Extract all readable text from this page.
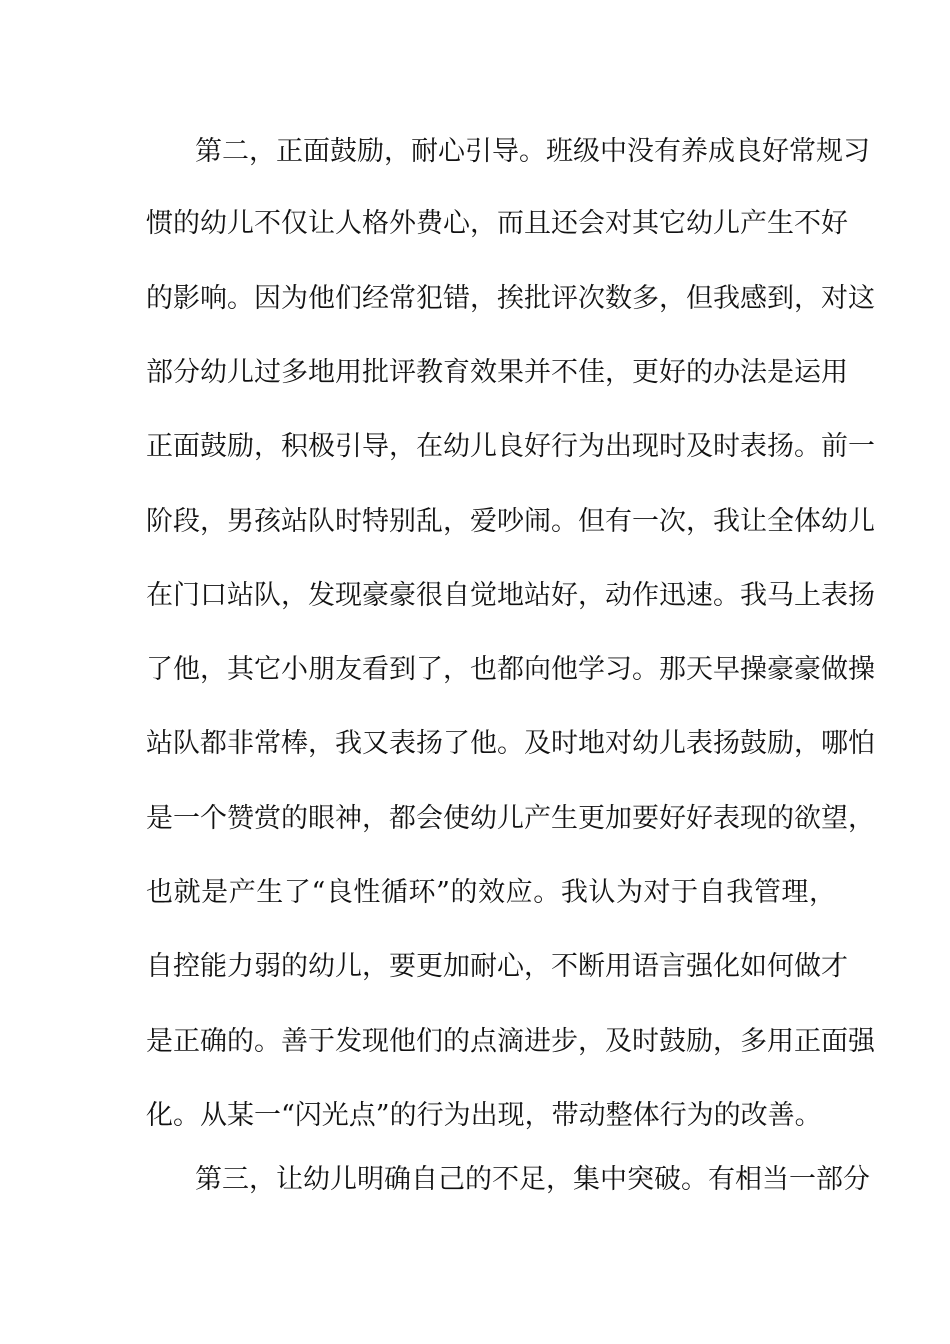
第二，正面鼓励，耐心引导。班级中没有养成良好常规习
惯的幼儿不仅让人格外费心，而且还会对其它幼儿产生不好
的影响。因为他们经常犯错，挨批评次数多，但我感到，对这
部分幼儿过多地用批评教育效果并不佳，更好的办法是运用
正面鼓励，积极引导，在幼儿良好行为出现时及时表扬。前一
阶段，男孩站队时特别乱，爱吵闹。但有一次，我让全体幼儿
在门口站队，发现豪豪很自觉地站好，动作迅速。我马上表扬
了他，其它小朋友看到了，也都向他学习。那天早操豪豪做操
站队都非常棒，我又表扬了他。及时地对幼儿表扬鼓励，哪怕
是一个赞赏的眼神，都会使幼儿产生更加要好好表现的欲望，
也就是产生了“良性循环”的效应。我认为对于自我管理，
自控能力弱的幼儿，要更加耐心，不断用语言强化如何做才
是正确的。善于发现他们的点滴进步，及时鼓励，多用正面强
化。从某一“闪光点”的行为出现，带动整体行为的改善。
第三，让幼儿明确自己的不足，集中突破。有相当一部分
